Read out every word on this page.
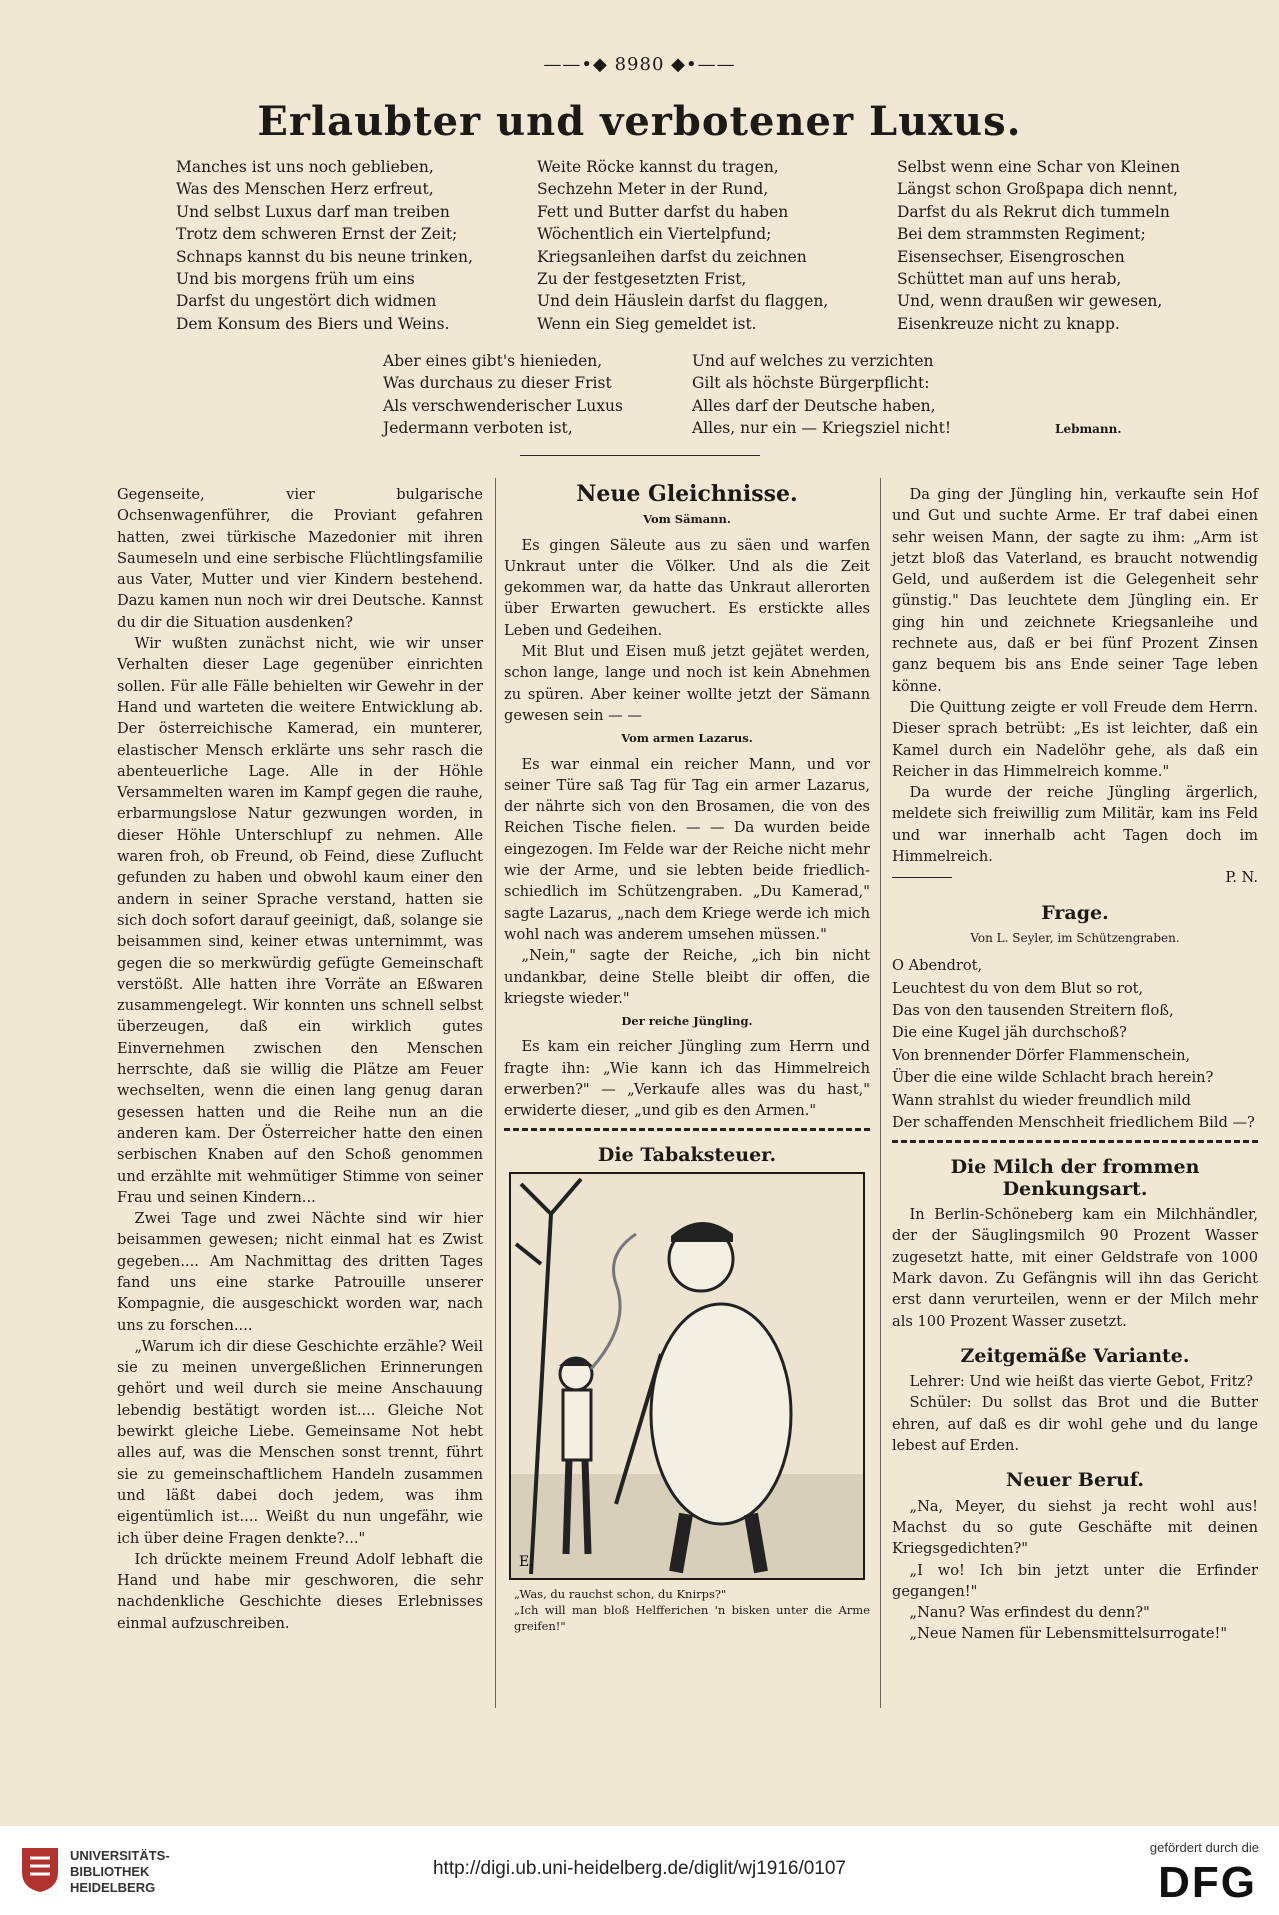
——•◆ 8980 ◆•——
Erlaubter und verbotener Luxus.
Manches ist uns noch geblieben,
Was des Menschen Herz erfreut,
Und selbst Luxus darf man treiben
Trotz dem schweren Ernst der Zeit;
Schnaps kannst du bis neune trinken,
Und bis morgens früh um eins
Darfst du ungestört dich widmen
Dem Konsum des Biers und Weins.
Weite Röcke kannst du tragen,
Sechzehn Meter in der Rund,
Fett und Butter darfst du haben
Wöchentlich ein Viertelpfund;
Kriegsanleihen darfst du zeichnen
Zu der festgesetzten Frist,
Und dein Häuslein darfst du flaggen,
Wenn ein Sieg gemeldet ist.
Selbst wenn eine Schar von Kleinen
Längst schon Großpapa dich nennt,
Darfst du als Rekrut dich tummeln
Bei dem strammsten Regiment;
Eisensechser, Eisengroschen
Schüttet man auf uns herab,
Und, wenn draußen wir gewesen,
Eisenkreuze nicht zu knapp.
Aber eines gibt's hienieden,
Was durchaus zu dieser Frist
Als verschwenderischer Luxus
Jedermann verboten ist,
Und auf welches zu verzichten
Gilt als höchste Bürgerpflicht:
Alles darf der Deutsche haben,
Alles, nur ein — Kriegsziel nicht!	Lebmann.

Gegenseite, vier bulgarische Ochsenwagenführer, die Proviant gefahren hatten, zwei türkische Mazedonier mit ihren Saumeseln und eine serbische Flüchtlingsfamilie aus Vater, Mutter und vier Kindern bestehend. Dazu kamen nun noch wir drei Deutsche. Kannst du dir die Situation ausdenken?

Wir wußten zunächst nicht, wie wir unser Verhalten dieser Lage gegenüber einrichten sollen. Für alle Fälle behielten wir Gewehr in der Hand und warteten die weitere Entwicklung ab. Der österreichische Kamerad, ein munterer, elastischer Mensch erklärte uns sehr rasch die abenteuerliche Lage. Alle in der Höhle Versammelten waren im Kampf gegen die rauhe, erbarmungslose Natur gezwungen worden, in dieser Höhle Unterschlupf zu nehmen. Alle waren froh, ob Freund, ob Feind, diese Zuflucht gefunden zu haben und obwohl kaum einer den andern in seiner Sprache verstand, hatten sie sich doch sofort darauf geeinigt, daß, solange sie beisammen sind, keiner etwas unternimmt, was gegen die so merkwürdig gefügte Gemeinschaft verstößt. Alle hatten ihre Vorräte an Eßwaren zusammengelegt. Wir konnten uns schnell selbst überzeugen, daß ein wirklich gutes Einvernehmen zwischen den Menschen herrschte, daß sie willig die Plätze am Feuer wechselten, wenn die einen lang genug daran gesessen hatten und die Reihe nun an die anderen kam. Der Österreicher hatte den einen serbischen Knaben auf den Schoß genommen und erzählte mit wehmütiger Stimme von seiner Frau und seinen Kindern...

Zwei Tage und zwei Nächte sind wir hier beisammen gewesen; nicht einmal hat es Zwist gegeben.... Am Nachmittag des dritten Tages fand uns eine starke Patrouille unserer Kompagnie, die ausgeschickt worden war, nach uns zu forschen....

„Warum ich dir diese Geschichte erzähle? Weil sie zu meinen unvergeßlichen Erinnerungen gehört und weil durch sie meine Anschauung lebendig bestätigt worden ist.... Gleiche Not bewirkt gleiche Liebe. Gemeinsame Not hebt alles auf, was die Menschen sonst trennt, führt sie zu gemeinschaftlichem Handeln zusammen und läßt dabei doch jedem, was ihm eigentümlich ist.... Weißt du nun ungefähr, wie ich über deine Fragen denkte?..."

Ich drückte meinem Freund Adolf lebhaft die Hand und habe mir geschworen, die sehr nachdenkliche Geschichte dieses Erlebnisses einmal aufzuschreiben.

Neue Gleichnisse.
Vom Sämann.

Es gingen Säleute aus zu säen und warfen Unkraut unter die Völker. Und als die Zeit gekommen war, da hatte das Unkraut allerorten über Erwarten gewuchert. Es erstickte alles Leben und Gedeihen.

Mit Blut und Eisen muß jetzt gejätet werden, schon lange, lange und noch ist kein Abnehmen zu spüren. Aber keiner wollte jetzt der Sämann gewesen sein — —

Vom armen Lazarus.

Es war einmal ein reicher Mann, und vor seiner Türe saß Tag für Tag ein armer Lazarus, der nährte sich von den Brosamen, die von des Reichen Tische fielen. — — Da wurden beide eingezogen. Im Felde war der Reiche nicht mehr wie der Arme, und sie lebten beide friedlich-schiedlich im Schützengraben. „Du Kamerad," sagte Lazarus, „nach dem Kriege werde ich mich wohl nach was anderem umsehen müssen."

„Nein," sagte der Reiche, „ich bin nicht undankbar, deine Stelle bleibt dir offen, die kriegste wieder."

Der reiche Jüngling.

Es kam ein reicher Jüngling zum Herrn und fragte ihn: „Wie kann ich das Himmelreich erwerben?" — „Verkaufe alles was du hast," erwiderte dieser, „und gib es den Armen."

Die Tabaksteuer.
E.
„Was, du rauchst schon, du Knirps?"
„Ich will man bloß Helfferichen 'n bisken unter die Arme greifen!"

Da ging der Jüngling hin, verkaufte sein Hof und Gut und suchte Arme. Er traf dabei einen sehr weisen Mann, der sagte zu ihm: „Arm ist jetzt bloß das Vaterland, es braucht notwendig Geld, und außerdem ist die Gelegenheit sehr günstig." Das leuchtete dem Jüngling ein. Er ging hin und zeichnete Kriegsanleihe und rechnete aus, daß er bei fünf Prozent Zinsen ganz bequem bis ans Ende seiner Tage leben könne.

Die Quittung zeigte er voll Freude dem Herrn. Dieser sprach betrübt: „Es ist leichter, daß ein Kamel durch ein Nadelöhr gehe, als daß ein Reicher in das Himmelreich komme."

Da wurde der reiche Jüngling ärgerlich, meldete sich freiwillig zum Militär, kam ins Feld und war innerhalb acht Tagen doch im Himmelreich.

P. N.
Frage.
Von L. Seyler, im Schützengraben.
O Abendrot,
Leuchtest du von dem Blut so rot,
Das von den tausenden Streitern floß,
Die eine Kugel jäh durchschoß?
Von brennender Dörfer Flammenschein,
Über die eine wilde Schlacht brach herein?
Wann strahlst du wieder freundlich mild
Der schaffenden Menschheit friedlichem Bild —?
Die Milch der frommen Denkungsart.

In Berlin-Schöneberg kam ein Milchhändler, der der Säuglingsmilch 90 Prozent Wasser zugesetzt hatte, mit einer Geldstrafe von 1000 Mark davon. Zu Gefängnis will ihn das Gericht erst dann verurteilen, wenn er der Milch mehr als 100 Prozent Wasser zusetzt.

Zeitgemäße Variante.

Lehrer: Und wie heißt das vierte Gebot, Fritz?

Schüler: Du sollst das Brot und die Butter ehren, auf daß es dir wohl gehe und du lange lebest auf Erden.

Neuer Beruf.

„Na, Meyer, du siehst ja recht wohl aus! Machst du so gute Geschäfte mit deinen Kriegsgedichten?"

„I wo! Ich bin jetzt unter die Erfinder gegangen!"

„Nanu? Was erfindest du denn?"

„Neue Namen für Lebensmittelsurrogate!"

UNIVERSITÄTS-
BIBLIOTHEK
HEIDELBERG
http://digi.ub.uni-heidelberg.de/diglit/wj1916/0107
gefördert durch die
DFG
